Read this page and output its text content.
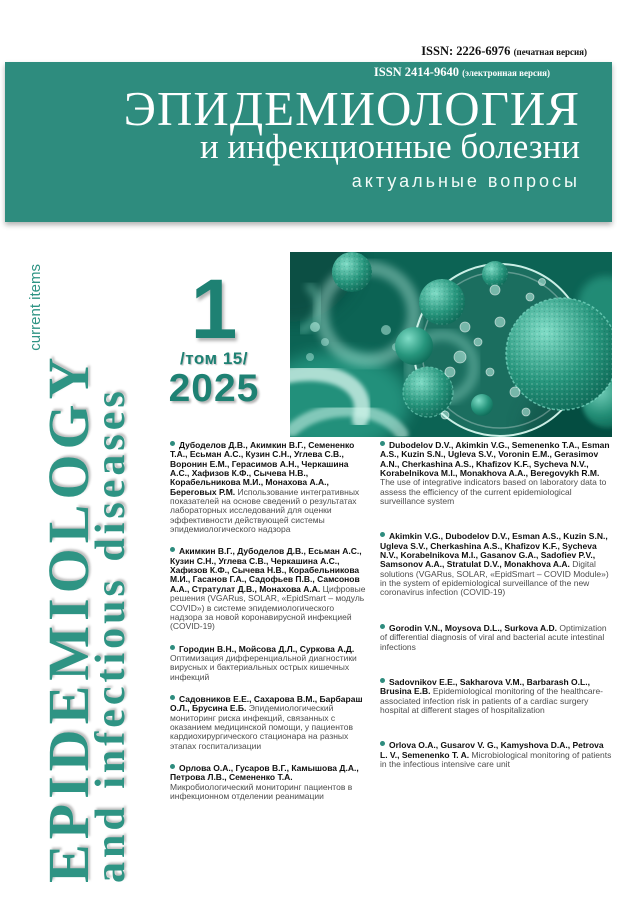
ISSN: 2226-6976 (печатная версия)
ISSN 2414-9640 (электронная версия)
ЭПИДЕМИОЛОГИЯ
и инфекционные болезни
актуальные вопросы
current items
EPIDEMIOLOGY
and infectious diseases
1
/том 15/
2025
Дубоделов Д.В., Акимкин В.Г., Семененко Т.А., Есьман А.С., Кузин С.Н., Углева С.В., Воронин Е.М., Герасимов А.Н., Черкашина А.С., Хафизов К.Ф., Сычева Н.В., Корабельникова М.И., Монахова А.А., Береговых Р.М. Использование интегративных показателей на основе сведений о результатах лабораторных исследований для оценки эффективности действующей системы эпидемиологического надзора
Акимкин В.Г., Дубоделов Д.В., Есьман А.С., Кузин С.Н., Углева С.В., Черкашина А.С., Хафизов К.Ф., Сычева Н.В., Корабельникова М.И., Гасанов Г.А., Садофьев П.В., Самсонов А.А., Стратулат Д.В., Монахова А.А. Цифровые решения (VGARus, SOLAR, «EpidSmart – модуль COVID») в системе эпидемиологического надзора за новой коронавирусной инфекцией (COVID-19)
Городин В.Н., Мойсова Д.Л., Суркова А.Д. Оптимизация дифференциальной диагностики вирусных и бактериальных острых кишечных инфекций
Садовников Е.Е., Сахарова В.М., Барбараш О.Л., Брусина Е.Б. Эпидемиологический мониторинг риска инфекций, связанных с оказанием медицинской помощи, у пациентов кардиохирургического стационара на разных этапах госпитализации
Орлова О.А., Гусаров В.Г., Камышова Д.А., Петрова Л.В., Семененко Т.А. Микробиологический мониторинг пациентов в инфекционном отделении реанимации
Dubodelov D.V., Akimkin V.G., Semenenko T.A., Esman A.S., Kuzin S.N., Ugleva S.V., Voronin E.M., Gerasimov A.N., Cherkashina A.S., Khafizov K.F., Sycheva N.V., Korabelnikova M.I., Monakhova A.A., Beregovykh R.M. The use of integrative indicators based on laboratory data to assess the efficiency of the current epidemiological surveillance system
Akimkin V.G., Dubodelov D.V., Esman A.S., Kuzin S.N., Ugleva S.V., Cherkashina A.S., Khafizov K.F., Sycheva N.V., Korabelnikova M.I., Gasanov G.A., Sadofiev P.V., Samsonov A.A., Stratulat D.V., Monakhova A.A. Digital solutions (VGARus, SOLAR, «EpidSmart – COVID Module») in the system of epidemiological surveillance of the new coronavirus infection (COVID-19)
Gorodin V.N., Moysova D.L., Surkova A.D. Optimization of differential diagnosis of viral and bacterial acute intestinal infections
Sadovnikov E.E., Sakharova V.M., Barbarash O.L., Brusina E.B. Epidemiological monitoring of the healthcare-associated infection risk in patients of a cardiac surgery hospital at different stages of hospitalization
Orlova O.A., Gusarov V. G., Kamyshova D.A., Petrova L. V., Semenenko T. A. Microbiological monitoring of patients in the infectious intensive care unit
